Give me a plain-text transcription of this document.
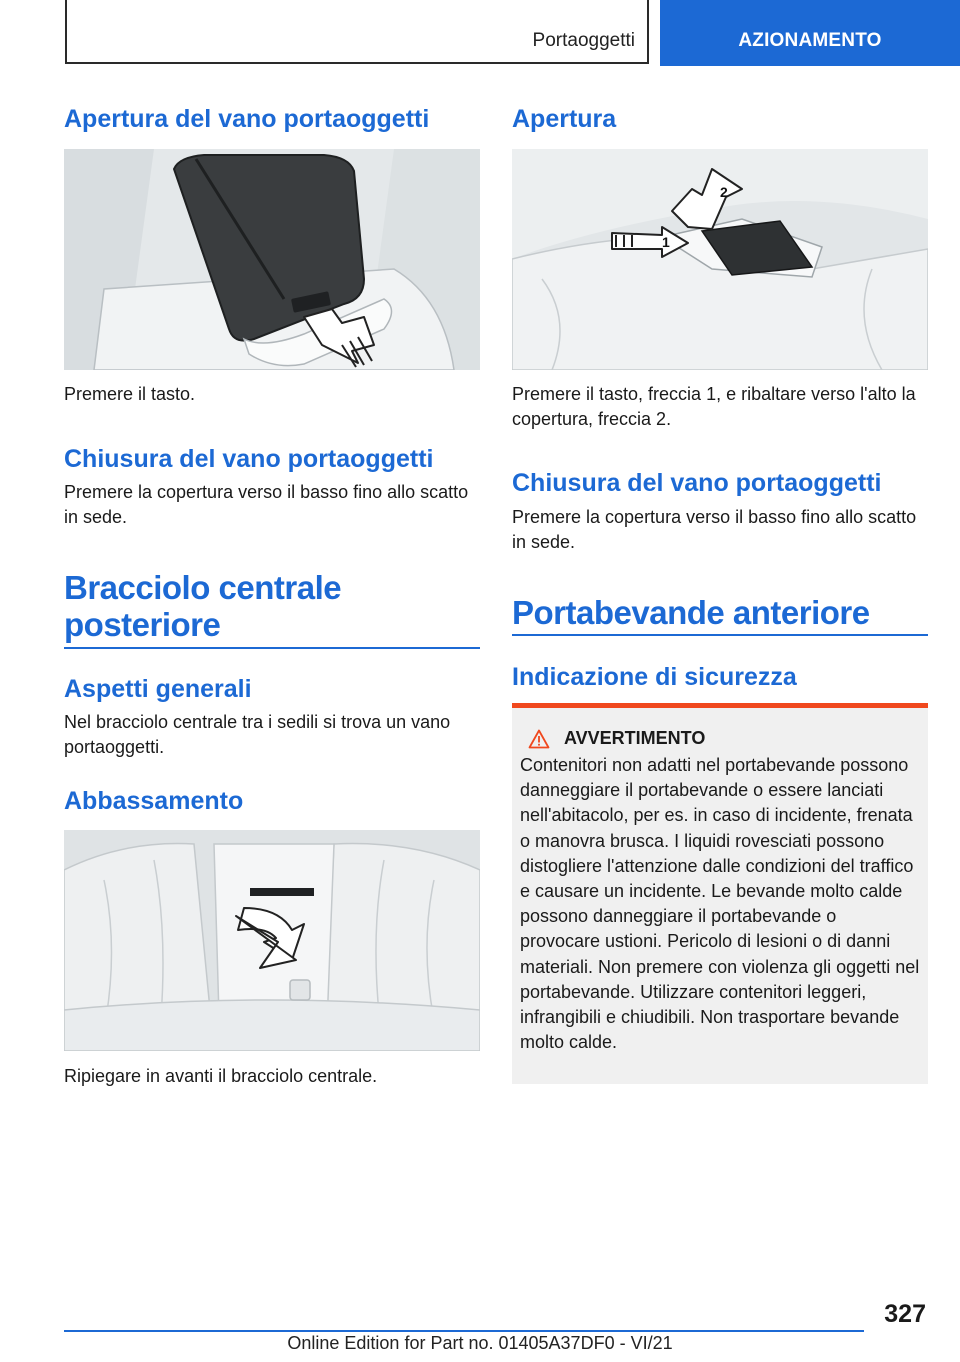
Portaoggetti	AZIONAMENTO
Apertura del vano portaoggetti
Premere il tasto.
Chiusura del vano portaoggetti
Premere la copertura verso il basso fino allo scatto in sede.
Bracciolo centrale
posteriore
Aspetti generali
Nel bracciolo centrale tra i sedili si trova un vano portaoggetti.
Abbassamento
Ripiegare in avanti il bracciolo centrale.
Apertura
1
2
Premere il tasto, freccia 1, e ribaltare verso l'alto la copertura, freccia 2.
Chiusura del vano portaoggetti
Premere la copertura verso il basso fino allo scatto in sede.
Portabevande anteriore
Indicazione di sicurezza
AVVERTIMENTO
Contenitori non adatti nel portabevande possono danneggiare il portabevande o essere lanciati nell'abitacolo, per es. in caso di incidente, frenata o manovra brusca. I liquidi rovesciati possono distogliere l'attenzione dalle condizioni del traffico e causare un incidente. Le bevande molto calde possono danneggiare il portabevande o provocare ustioni. Pericolo di lesioni o di danni materiali. Non premere con violenza gli oggetti nel portabevande. Utilizzare contenitori leggeri, infrangibili e chiudibili. Non trasportare bevande molto calde.
327
Online Edition for Part no. 01405A37DF0 - VI/21
